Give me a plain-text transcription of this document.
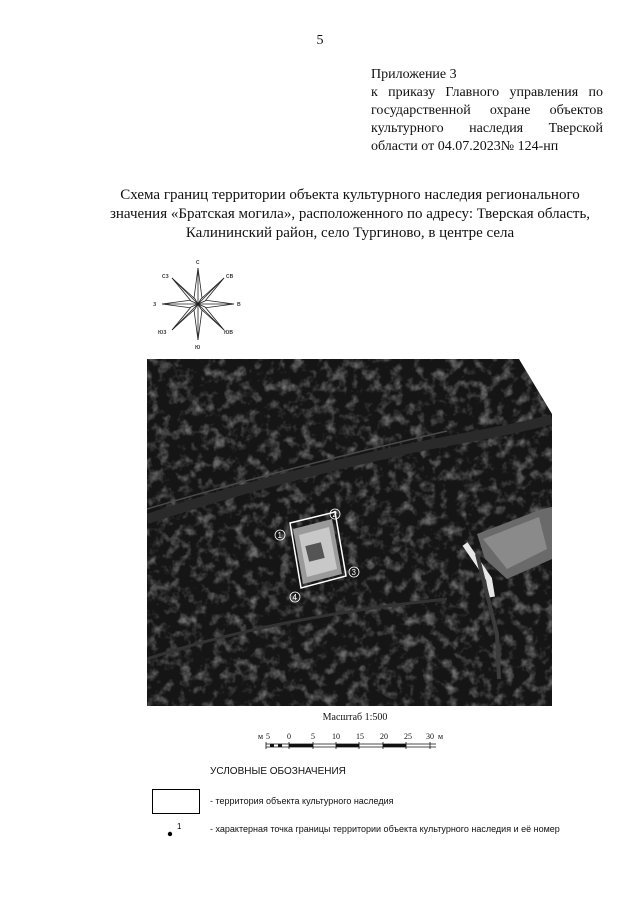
5
Приложение 3
к приказу Главного управления по
государственной охране объектов
культурного наследия Тверской
области от 04.07.2023№ 124-нп
Схема границ территории объекта культурного наследия регионального
значения «Братская могила», расположенного по адресу: Тверская область,
Калининский район, село Тургиново, в центре села
с
св
в
юв
ю
юз
з
сз
1
2
3
4
Масштаб 1:500
м 5 0	5 10 15 20 25 30 м
УСЛОВНЫЕ ОБОЗНАЧЕНИЯ
- территория объекта культурного наследия
1	- характерная точка границы территории объекта культурного наследия и её номер
